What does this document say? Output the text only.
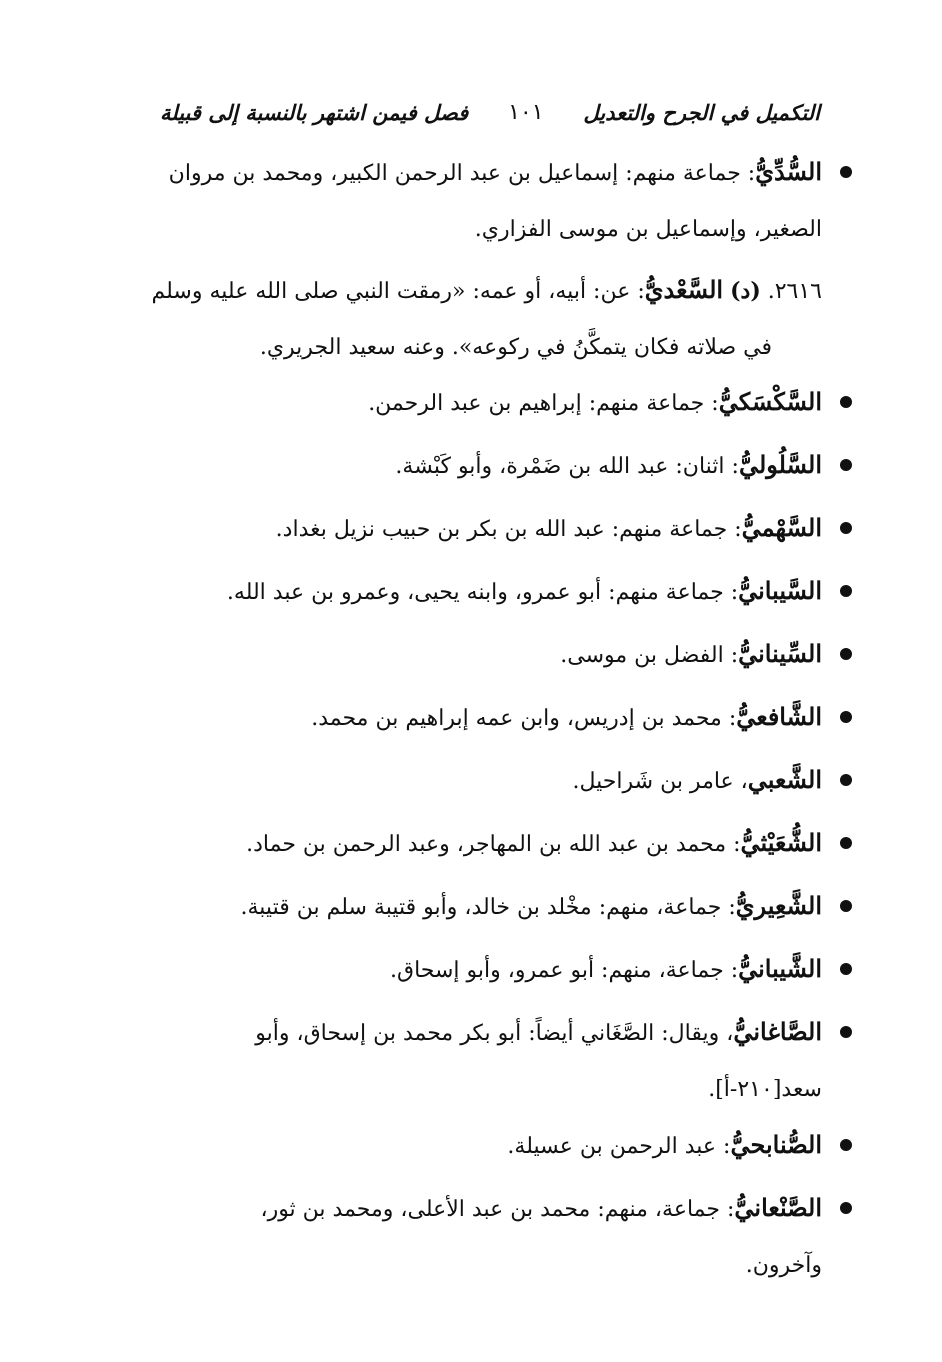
التكميل في الجرح والتعديل
١٠١
فصل فيمن اشتهر بالنسبة إلى قبيلة
السُّدِّيُّ: جماعة منهم: إسماعيل بن عبد الرحمن الكبير، ومحمد بن مروان
الصغير، وإسماعيل بن موسى الفزاري.
٢٦١٦. (د) السَّعْديُّ: عن: أبيه، أو عمه: «رمقت النبي صلى الله عليه وسلم
في صلاته فكان يتمكَّنُ في ركوعه». وعنه سعيد الجريري.
السَّكْسَكيُّ: جماعة منهم: إبراهيم بن عبد الرحمن.
السَّلُوليُّ: اثنان: عبد الله بن ضَمْرة، وأبو كَبْشة.
السَّهْميُّ: جماعة منهم: عبد الله بن بكر بن حبيب نزيل بغداد.
السَّيبانيُّ: جماعة منهم: أبو عمرو، وابنه يحيى، وعمرو بن عبد الله.
السِّينانيُّ: الفضل بن موسى.
الشَّافعيُّ: محمد بن إدريس، وابن عمه إبراهيم بن محمد.
الشَّعبي، عامر بن شَراحيل.
الشُّعَيْثيُّ: محمد بن عبد الله بن المهاجر، وعبد الرحمن بن حماد.
الشَّعِيريُّ: جماعة، منهم: مخْلد بن خالد، وأبو قتيبة سلم بن قتيبة.
الشَّيبانيُّ: جماعة، منهم: أبو عمرو، وأبو إسحاق.
الصَّاغانيُّ، ويقال: الصَّغَاني أيضاً: أبو بكر محمد بن إسحاق، وأبو
سعد[٢١٠-أ].
الصُّنابحيُّ: عبد الرحمن بن عسيلة.
الصَّنْعانيُّ: جماعة، منهم: محمد بن عبد الأعلى، ومحمد بن ثور،
وآخرون.
